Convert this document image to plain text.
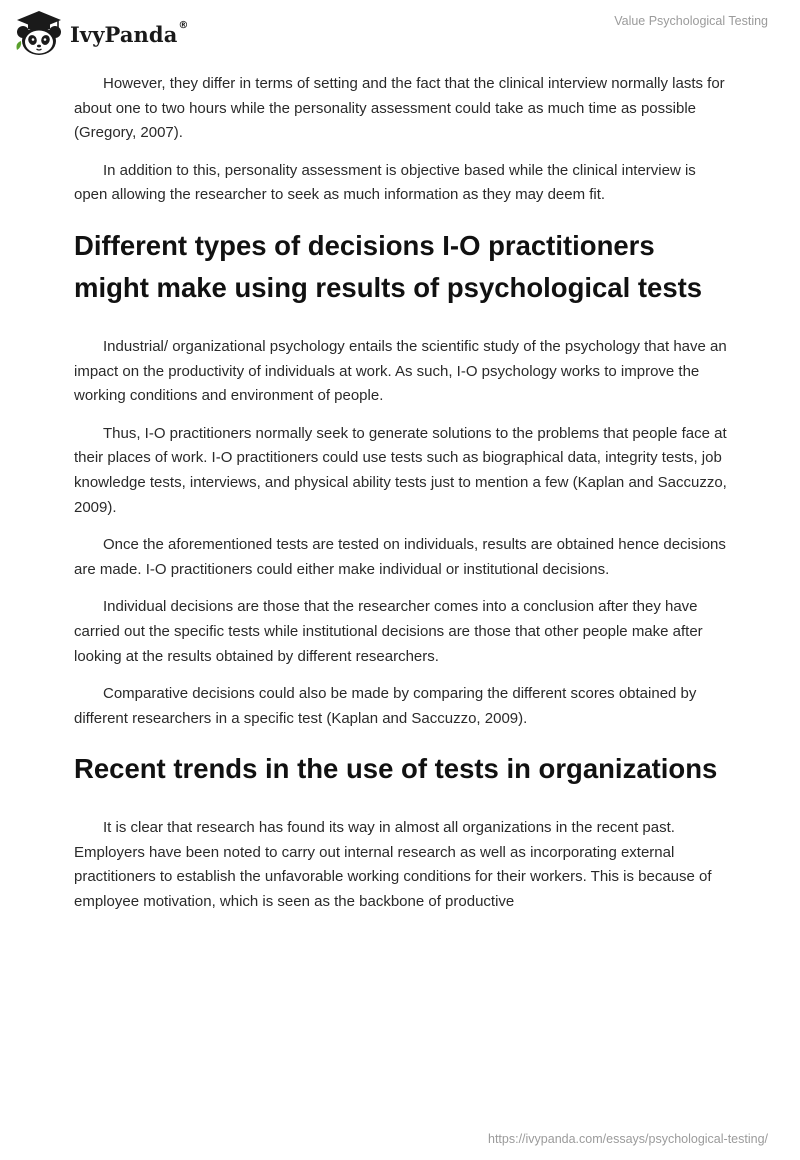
IvyPanda®	Value Psychological Testing

However, they differ in terms of setting and the fact that the clinical interview normally lasts for about one to two hours while the personality assessment could take as much time as possible (Gregory, 2007).

In addition to this, personality assessment is objective based while the clinical interview is open allowing the researcher to seek as much information as they may deem fit.

Different types of decisions I-O practitioners might make using results of psychological tests

Industrial/ organizational psychology entails the scientific study of the psychology that have an impact on the productivity of individuals at work. As such, I-O psychology works to improve the working conditions and environment of people.

Thus, I-O practitioners normally seek to generate solutions to the problems that people face at their places of work. I-O practitioners could use tests such as biographical data, integrity tests, job knowledge tests, interviews, and physical ability tests just to mention a few (Kaplan and Saccuzzo, 2009).

Once the aforementioned tests are tested on individuals, results are obtained hence decisions are made. I-O practitioners could either make individual or institutional decisions.

Individual decisions are those that the researcher comes into a conclusion after they have carried out the specific tests while institutional decisions are those that other people make after looking at the results obtained by different researchers.

Comparative decisions could also be made by comparing the different scores obtained by different researchers in a specific test (Kaplan and Saccuzzo, 2009).

Recent trends in the use of tests in organizations

It is clear that research has found its way in almost all organizations in the recent past. Employers have been noted to carry out internal research as well as incorporating external practitioners to establish the unfavorable working conditions for their workers. This is because of employee motivation, which is seen as the backbone of productive

https://ivypanda.com/essays/psychological-testing/
